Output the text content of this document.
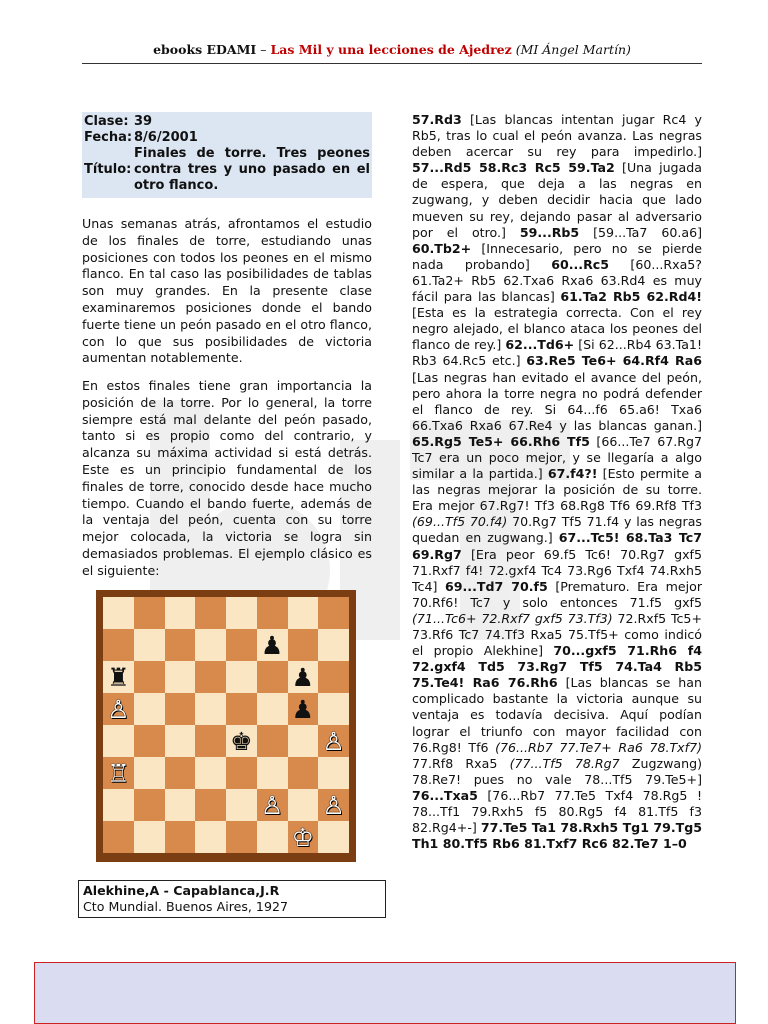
ebooks EDAMI – Las Mil y una lecciones de Ajedrez (MI Ángel Martín)
Clase: 39
Fecha: 8/6/2001
Título:
Finales de torre. Tres peones contra tres y uno pasado en el otro flanco.

Unas semanas atrás, afrontamos el estudio de los finales de torre, estudiando unas posiciones con todos los peones en el mismo flanco. En tal caso las posibilidades de tablas son muy grandes. En la presente clase examinaremos posiciones donde el bando fuerte tiene un peón pasado en el otro flanco, con lo que sus posibilidades de victoria aumentan notablemente.

En estos finales tiene gran importancia la posición de la torre. Por lo general, la torre siempre está mal delante del peón pasado, tanto si es propio como del contrario, y alcanza su máxima actividad si está detrás. Este es un principio fundamental de los finales de torre, conocido desde hace mucho tiempo. Cuando el bando fuerte, además de la ventaja del peón, cuenta con su torre mejor colocada, la victoria se logra sin demasiados problemas. El ejemplo clásico es el siguiente:

♟
♜	♟
♙	♟
♚	♙
♖
♙ ♙
♔
Alekhine,A - Capablanca,J.R
Cto Mundial. Buenos Aires, 1927
57.Rd3 [Las blancas intentan jugar Rc4 y Rb5, tras lo cual el peón avanza. Las negras deben acercar su rey para impedirlo.] 57...Rd5 58.Rc3 Rc5 59.Ta2 [Una jugada de espera, que deja a las negras en zugwang, y deben decidir hacia que lado mueven su rey, dejando pasar al adversario por el otro.] 59...Rb5 [59...Ta7 60.a6] 60.Tb2+ [Innecesario, pero no se pierde nada probando] 60...Rc5 [60...Rxa5? 61.Ta2+ Rb5 62.Txa6 Rxa6 63.Rd4 es muy fácil para las blancas] 61.Ta2 Rb5 62.Rd4! [Esta es la estrategia correcta. Con el rey negro alejado, el blanco ataca los peones del flanco de rey.] 62...Td6+ [Si 62...Rb4 63.Ta1! Rb3 64.Rc5 etc.] 63.Re5 Te6+ 64.Rf4 Ra6 [Las negras han evitado el avance del peón, pero ahora la torre negra no podrá defender el flanco de rey. Si 64...f6 65.a6! Txa6 66.Txa6 Rxa6 67.Re4 y las blancas ganan.] 65.Rg5 Te5+ 66.Rh6 Tf5 [66...Te7 67.Rg7 Tc7 era un poco mejor, y se llegaría a algo similar a la partida.] 67.f4?! [Esto permite a las negras mejorar la posición de su torre. Era mejor 67.Rg7! Tf3 68.Rg8 Tf6 69.Rf8 Tf3 (69...Tf5 70.f4) 70.Rg7 Tf5 71.f4 y las negras quedan en zugwang.] 67...Tc5! 68.Ta3 Tc7 69.Rg7 [Era peor 69.f5 Tc6! 70.Rg7 gxf5 71.Rxf7 f4! 72.gxf4 Tc4 73.Rg6 Txf4 74.Rxh5 Tc4] 69...Td7 70.f5 [Prematuro. Era mejor 70.Rf6! Tc7 y solo entonces 71.f5 gxf5 (71...Tc6+ 72.Rxf7 gxf5 73.Tf3) 72.Rxf5 Tc5+ 73.Rf6 Tc7 74.Tf3 Rxa5 75.Tf5+ como indicó el propio Alekhine] 70...gxf5 71.Rh6 f4 72.gxf4 Td5 73.Rg7 Tf5 74.Ta4 Rb5 75.Te4! Ra6 76.Rh6 [Las blancas se han complicado bastante la victoria aunque su ventaja es todavía decisiva. Aquí podían lograr el triunfo con mayor facilidad con 76.Rg8! Tf6 (76...Rb7 77.Te7+ Ra6 78.Txf7) 77.Rf8 Rxa5 (77...Tf5 78.Rg7 Zugzwang) 78.Re7! pues no vale 78...Tf5 79.Te5+] 76...Txa5 [76...Rb7 77.Te5 Txf4 78.Rg5 ! 78...Tf1 79.Rxh5 f5 80.Rg5 f4 81.Tf5 f3 82.Rg4+-] 77.Te5 Ta1 78.Rxh5 Tg1 79.Tg5 Th1 80.Tf5 Rb6 81.Txf7 Rc6 82.Te7 1–0
